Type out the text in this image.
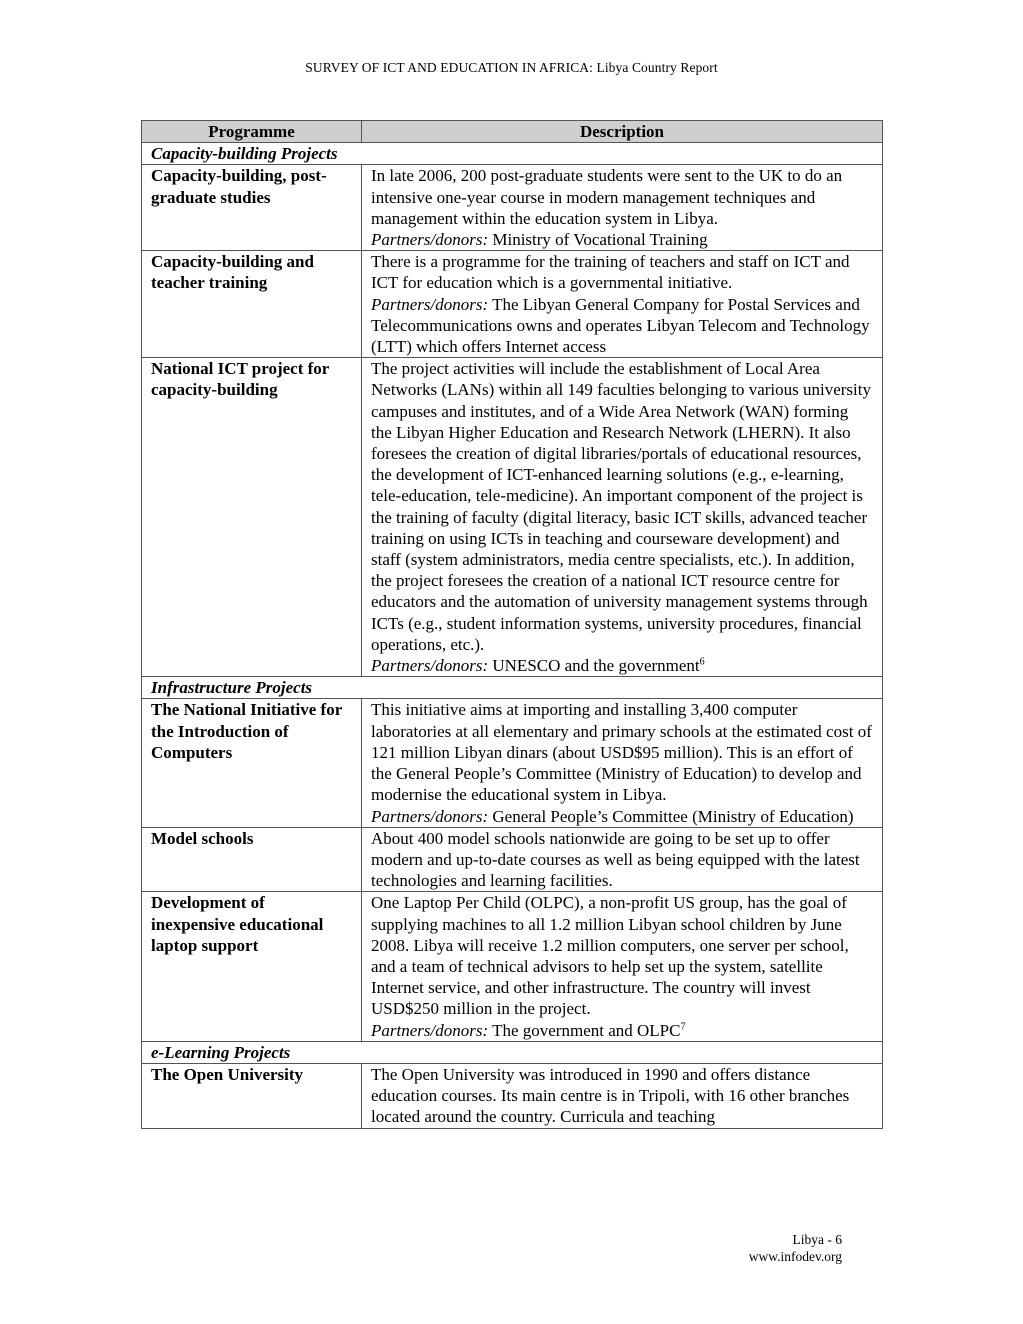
SURVEY OF ICT AND EDUCATION IN AFRICA: Libya Country Report
Programme	Description
Capacity-building Projects	
Capacity-building, post-graduate studies	In late 2006, 200 post-graduate students were sent to the UK to do an intensive one-year course in modern management techniques and management within the education system in Libya.
Partners/donors: Ministry of Vocational Training

Capacity-building and teacher training	There is a programme for the training of teachers and staff on ICT and ICT for education which is a governmental initiative.
Partners/donors: The Libyan General Company for Postal Services and Telecommunications owns and operates Libyan Telecom and Technology (LTT) which offers Internet access

National ICT project for capacity-building	The project activities will include the establishment of Local Area Networks (LANs) within all 149 faculties belonging to various university campuses and institutes, and of a Wide Area Network (WAN) forming the Libyan Higher Education and Research Network (LHERN). It also foresees the creation of digital libraries/portals of educational resources, the development of ICT-enhanced learning solutions (e.g., e-learning, tele-education, tele-medicine). An important component of the project is the training of faculty (digital literacy, basic ICT skills, advanced teacher training on using ICTs in teaching and courseware development) and staff (system administrators, media centre specialists, etc.). In addition, the project foresees the creation of a national ICT resource centre for educators and the automation of university management systems through ICTs (e.g., student information systems, university procedures, financial operations, etc.).
Partners/donors: UNESCO and the government$^6$

Infrastructure Projects	
The National Initiative for the Introduction of Computers	This initiative aims at importing and installing 3,400 computer laboratories at all elementary and primary schools at the estimated cost of 121 million Libyan dinars (about USD$95 million). This is an effort of the General People’s Committee (Ministry of Education) to develop and modernise the educational system in Libya.
Partners/donors: General People’s Committee (Ministry of Education)

Model schools	About 400 model schools nationwide are going to be set up to offer modern and up-to-date courses as well as being equipped with the latest technologies and learning facilities.

Development of inexpensive educational laptop support	One Laptop Per Child (OLPC), a non-profit US group, has the goal of supplying machines to all 1.2 million Libyan school children by June 2008. Libya will receive 1.2 million computers, one server per school, and a team of technical advisors to help set up the system, satellite Internet service, and other infrastructure. The country will invest USD$250 million in the project.
Partners/donors: The government and OLPC$^7$

e-Learning Projects	
The Open University	The Open University was introduced in 1990 and offers distance education courses. Its main centre is in Tripoli, with 16 other branches located around the country. Curricula and teaching
Libya - 6
www.infodev.org
